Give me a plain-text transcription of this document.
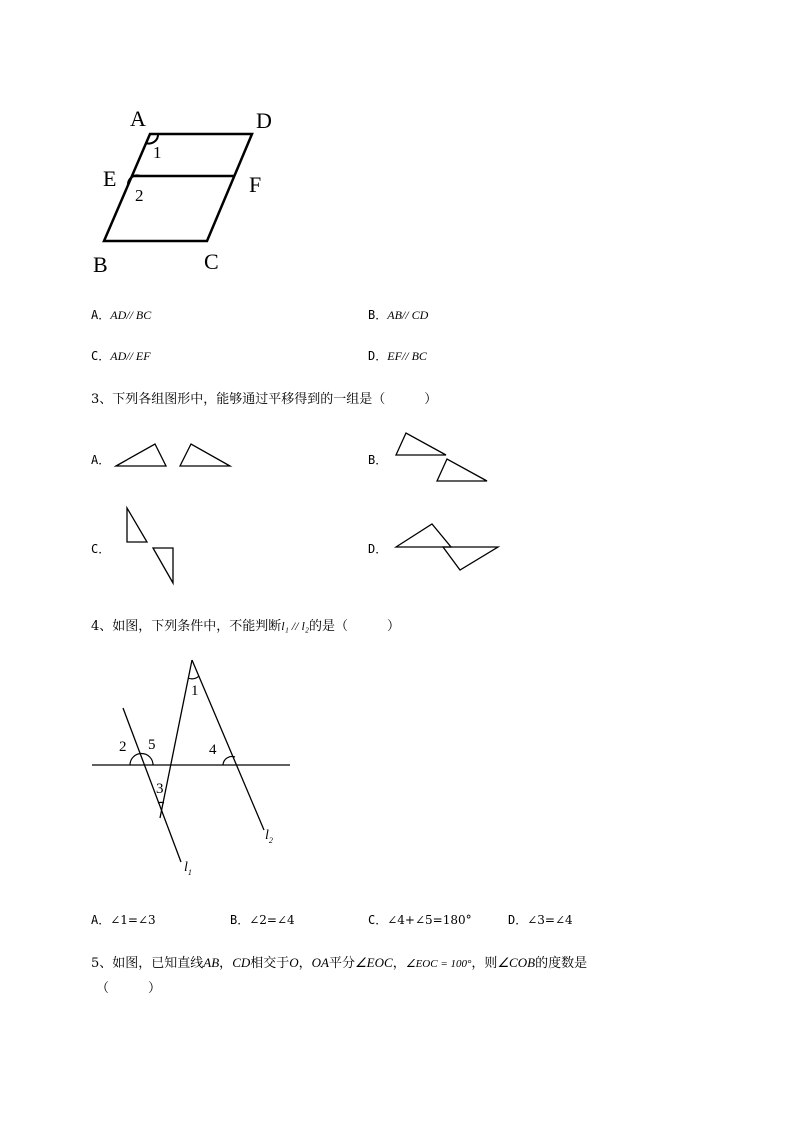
A	D
E	F
B	C
1
2
A．AD// BC	B．AB// CD
C．AD// EF	D．EF// BC
3、下列各组图形中，能够通过平移得到的一组是（　　　）
A．	B．
C．	D．
4、如图，下列条件中，不能判断l₁ // l₂的是（　　　）
1
2 5
3
4
$l_1$
$l_2$
A．∠1=∠3	B．∠2=∠4	C．∠4+∠5=180°	D．∠3=∠4
5、如图，已知直线AB，CD相交于O，OA平分∠EOC，∠EOC = 100°，则∠COB的度数是
（　　　）
